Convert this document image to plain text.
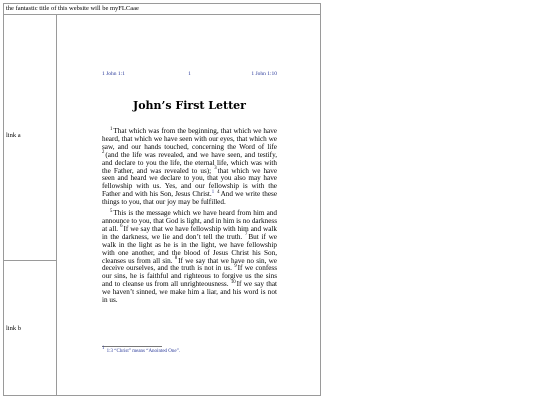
the fantastic title of this website will be myFLCaae
link a
link b
1 John 1:1	1	1 John 1:10
John’s First Letter

$^1$That which was from the beginning, that which we have heard, that which we have seen with our eyes, that which we saw, and our hands touched, concerning the Word of life $^2$(and the life was revealed, and we have seen, and testify, and declare to you the life, the eternal life, which was with the Father, and was revealed to us); $^3$that which we have seen and heard we declare to you, that you also may have fellowship with us. Yes, and our fellowship is with the Father and with his Son, Jesus Christ.$^1$ $^4$And we write these things to you, that our joy may be fulfilled.

$^5$This is the message which we have heard from him and announce to you, that God is light, and in him is no darkness at all. $^6$If we say that we have fellowship with him and walk in the darkness, we lie and don’t tell the truth. $^7$But if we walk in the light as he is in the light, we have fellowship with one another, and the blood of Jesus Christ his Son, cleanses us from all sin. $^8$If we say that we have no sin, we deceive ourselves, and the truth is not in us. $^9$If we confess our sins, he is faithful and righteous to forgive us the sins and to cleanse us from all unrighteousness. $^{10}$If we say that we haven’t sinned, we make him a liar, and his word is not in us.

$^1$ 1:3 “Christ” means “Anointed One”.
